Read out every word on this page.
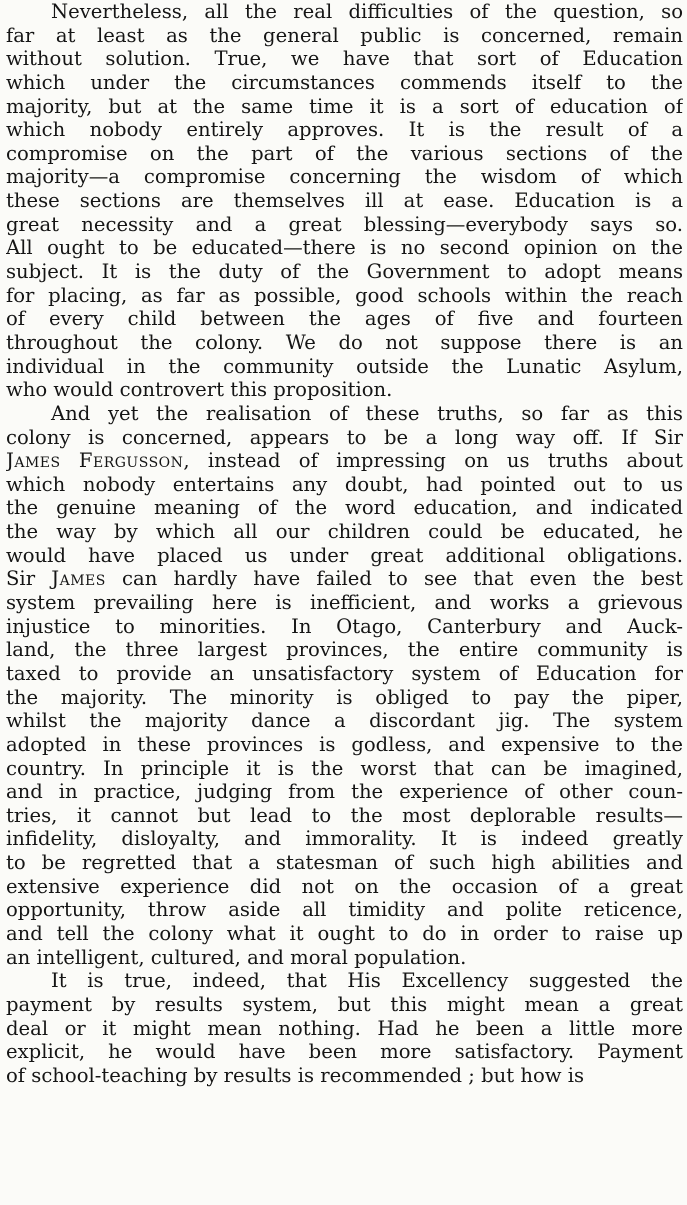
Nevertheless, all the real difficulties of the question, so
far at least as the general public is concerned, remain
without solution. True, we have that sort of Education
which under the circumstances commends itself to the
majority, but at the same time it is a sort of education of
which nobody entirely approves. It is the result of a
compromise on the part of the various sections of the
majority—a compromise concerning the wisdom of which
these sections are themselves ill at ease. Education is a
great necessity and a great blessing—everybody says so.
All ought to be educated—there is no second opinion on the
subject. It is the duty of the Government to adopt means
for placing, as far as possible, good schools within the reach
of every child between the ages of five and fourteen
throughout the colony. We do not suppose there is an
individual in the community outside the Lunatic Asylum,
who would controvert this proposition.
And yet the realisation of these truths, so far as this
colony is concerned, appears to be a long way off. If Sir
James Fergusson, instead of impressing on us truths about
which nobody entertains any doubt, had pointed out to us
the genuine meaning of the word education, and indicated
the way by which all our children could be educated, he
would have placed us under great additional obligations.
Sir James can hardly have failed to see that even the best
system prevailing here is inefficient, and works a grievous
injustice to minorities. In Otago, Canterbury and Auck-
land, the three largest provinces, the entire community is
taxed to provide an unsatisfactory system of Education for
the majority. The minority is obliged to pay the piper,
whilst the majority dance a discordant jig. The system
adopted in these provinces is godless, and expensive to the
country. In principle it is the worst that can be imagined,
and in practice, judging from the experience of other coun-
tries, it cannot but lead to the most deplorable results—
infidelity, disloyalty, and immorality. It is indeed greatly
to be regretted that a statesman of such high abilities and
extensive experience did not on the occasion of a great
opportunity, throw aside all timidity and polite reticence,
and tell the colony what it ought to do in order to raise up
an intelligent, cultured, and moral population.
It is true, indeed, that His Excellency suggested the
payment by results system, but this might mean a great
deal or it might mean nothing. Had he been a little more
explicit, he would have been more satisfactory. Payment
of school-teaching by results is recommended ; but how is
